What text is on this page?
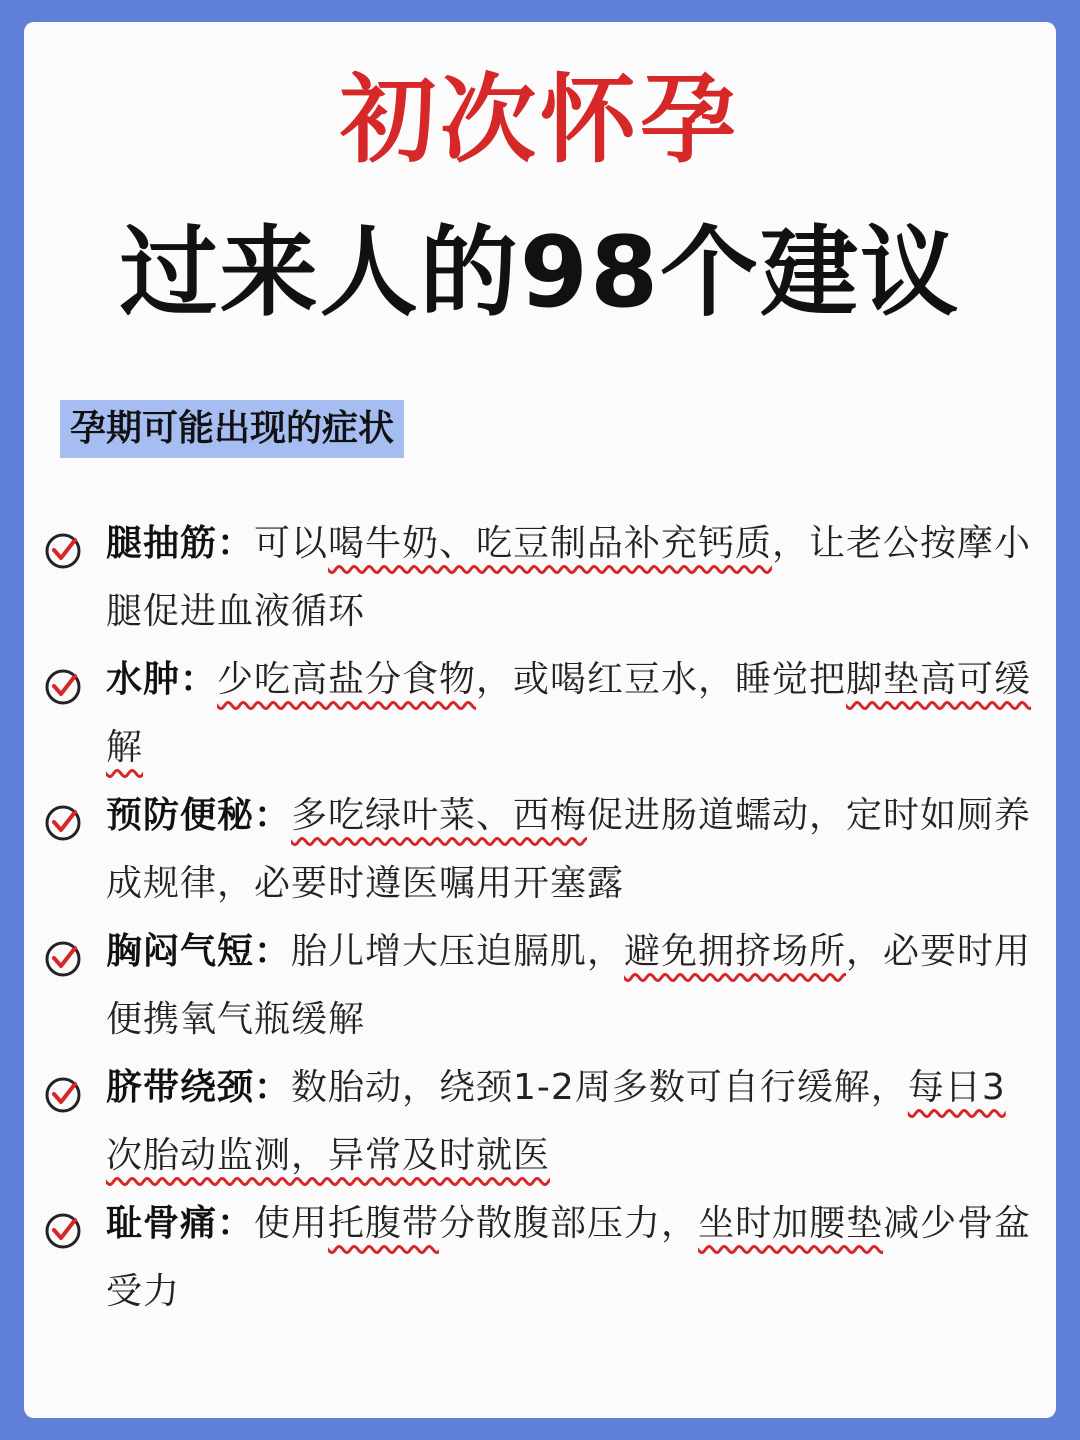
初次怀孕
过来人的98个建议
孕期可能出现的症状
腿抽筋：可以喝牛奶、吃豆制品补充钙质，让老公按摩小腿促进血液循环
水肿：少吃高盐分食物，或喝红豆水，睡觉把脚垫高可缓解
预防便秘：多吃绿叶菜、西梅促进肠道蠕动，定时如厕养成规律，必要时遵医嘱用开塞露
胸闷气短：胎儿增大压迫膈肌，避免拥挤场所，必要时用便携氧气瓶缓解
脐带绕颈：数胎动，绕颈1-2周多数可自行缓解，每日3次胎动监测，异常及时就医
耻骨痛：使用托腹带分散腹部压力，坐时加腰垫减少骨盆受力
